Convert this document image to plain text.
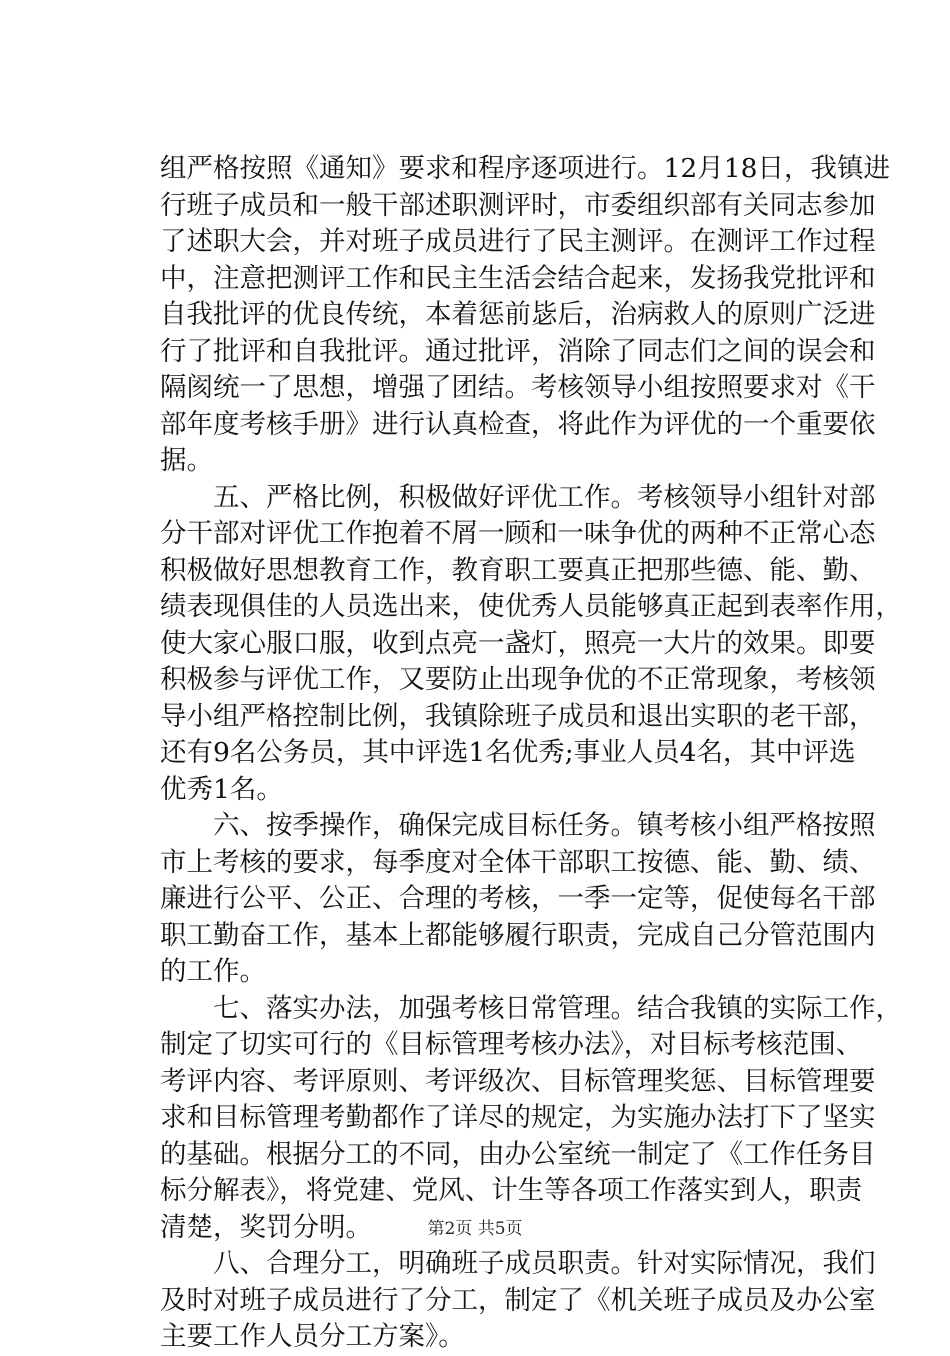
组严格按照《通知》要求和程序逐项进行。12月18日，我镇进
行班子成员和一般干部述职测评时，市委组织部有关同志参加
了述职大会，并对班子成员进行了民主测评。在测评工作过程
中，注意把测评工作和民主生活会结合起来，发扬我党批评和
自我批评的优良传统，本着惩前毖后，治病救人的原则广泛进
行了批评和自我批评。通过批评，消除了同志们之间的误会和
隔阂统一了思想，增强了团结。考核领导小组按照要求对《干
部年度考核手册》进行认真检查，将此作为评优的一个重要依
据。
　　五、严格比例，积极做好评优工作。考核领导小组针对部
分干部对评优工作抱着不屑一顾和一味争优的两种不正常心态
积极做好思想教育工作，教育职工要真正把那些德、能、勤、
绩表现俱佳的人员选出来，使优秀人员能够真正起到表率作用，
使大家心服口服，收到点亮一盏灯，照亮一大片的效果。即要
积极参与评优工作，又要防止出现争优的不正常现象，考核领
导小组严格控制比例，我镇除班子成员和退出实职的老干部，
还有9名公务员，其中评选1名优秀;事业人员4名，其中评选
优秀1名。
　　六、按季操作，确保完成目标任务。镇考核小组严格按照
市上考核的要求，每季度对全体干部职工按德、能、勤、绩、
廉进行公平、公正、合理的考核，一季一定等，促使每名干部
职工勤奋工作，基本上都能够履行职责，完成自己分管范围内
的工作。
　　七、落实办法，加强考核日常管理。结合我镇的实际工作，
制定了切实可行的《目标管理考核办法》，对目标考核范围、
考评内容、考评原则、考评级次、目标管理奖惩、目标管理要
求和目标管理考勤都作了详尽的规定，为实施办法打下了坚实
的基础。根据分工的不同，由办公室统一制定了《工作任务目
标分解表》，将党建、党风、计生等各项工作落实到人，职责
清楚，奖罚分明。
　　八、合理分工，明确班子成员职责。针对实际情况，我们
及时对班子成员进行了分工，制定了《机关班子成员及办公室
主要工作人员分工方案》。
第2页 共5页
